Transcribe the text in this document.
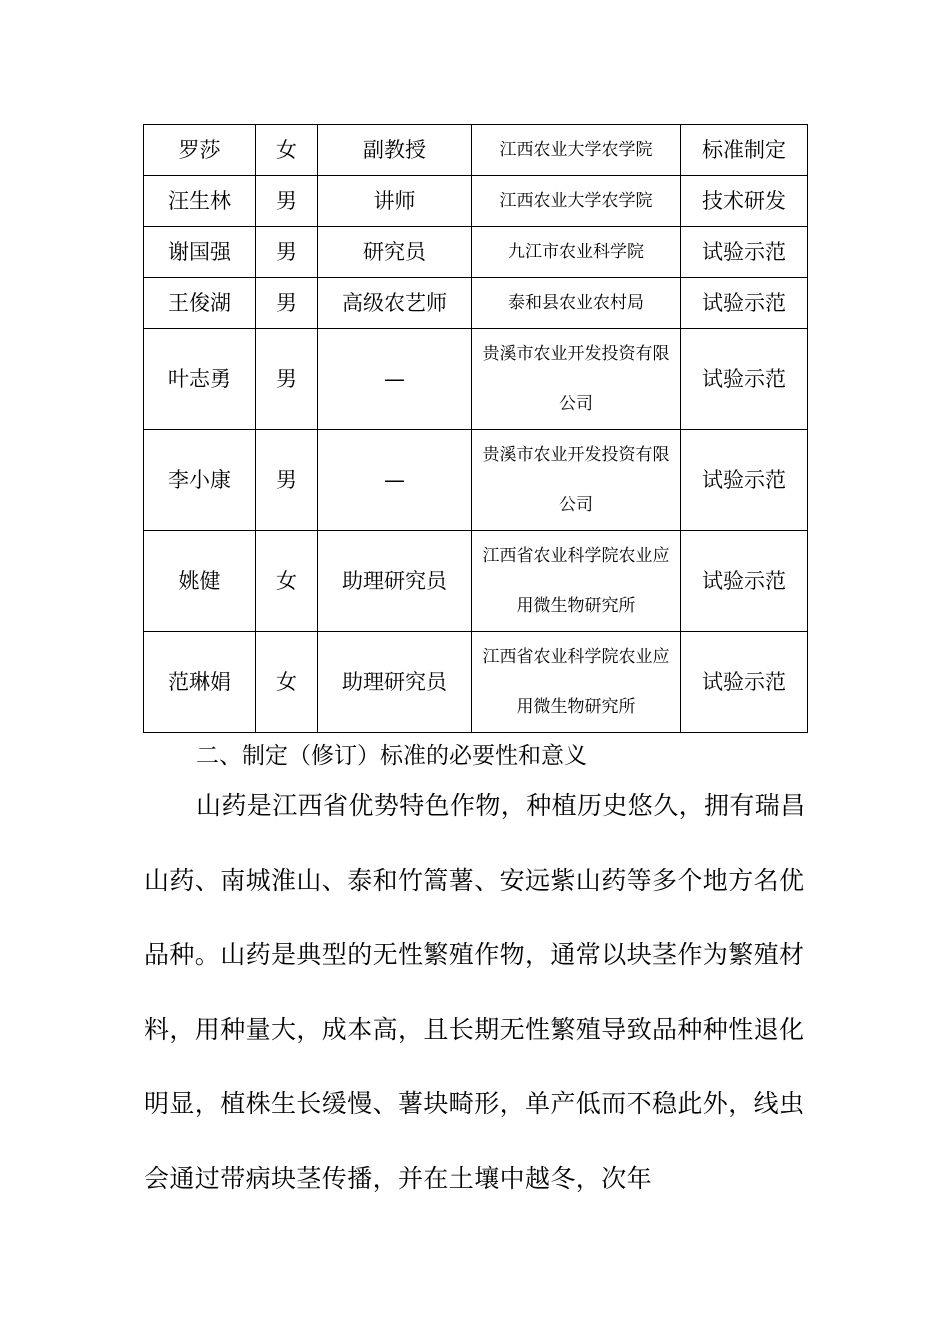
罗莎	女	副教授	江西农业大学农学院	标准制定
汪生林	男	讲师	江西农业大学农学院	技术研发
谢国强	男	研究员	九江市农业科学院	试验示范
王俊湖	男	高级农艺师	泰和县农业农村局	试验示范
叶志勇	男	—	贵溪市农业开发投资有限公司	试验示范
李小康	男	—	贵溪市农业开发投资有限公司	试验示范
姚健	女	助理研究员	江西省农业科学院农业应用微生物研究所	试验示范
范琳娟	女	助理研究员	江西省农业科学院农业应用微生物研究所	试验示范
二、制定（修订）标准的必要性和意义

山药是江西省优势特色作物，种植历史悠久，拥有瑞昌山药、南城淮山、泰和竹篙薯、安远紫山药等多个地方名优品种。山药是典型的无性繁殖作物，通常以块茎作为繁殖材料，用种量大，成本高，且长期无性繁殖导致品种种性退化明显，植株生长缓慢、薯块畸形，单产低而不稳此外，线虫会通过带病块茎传播，并在土壤中越冬，次年
